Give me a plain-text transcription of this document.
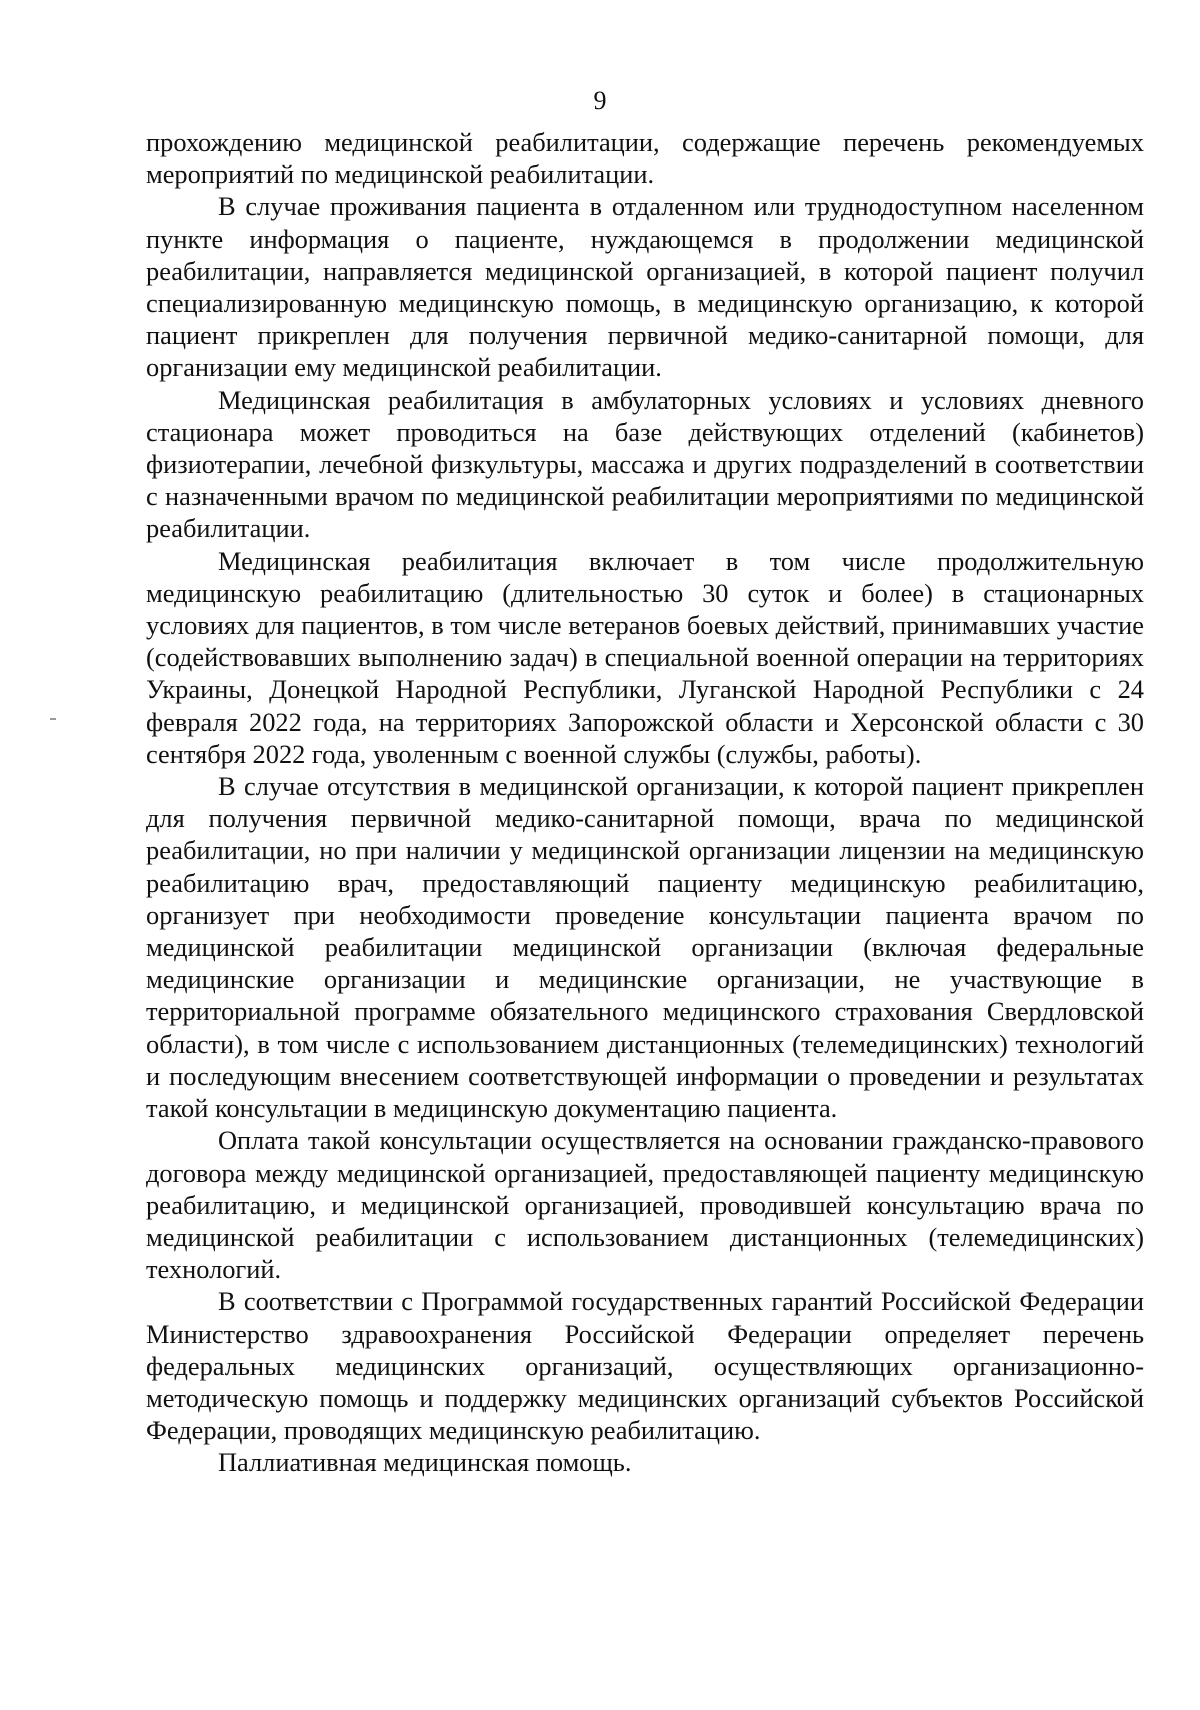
9

прохождению медицинской реабилитации, содержащие перечень рекомендуемых мероприятий по медицинской реабилитации.

В случае проживания пациента в отдаленном или труднодоступном населенном пункте информация о пациенте, нуждающемся в продолжении медицинской реабилитации, направляется медицинской организацией, в которой пациент получил специализированную медицинскую помощь, в медицинскую организацию, к которой пациент прикреплен для получения первичной медико-санитарной помощи, для организации ему медицинской реабилитации.

Медицинская реабилитация в амбулаторных условиях и условиях дневного стационара может проводиться на базе действующих отделений (кабинетов) физиотерапии, лечебной физкультуры, массажа и других подразделений в соответствии с назначенными врачом по медицинской реабилитации мероприятиями по медицинской реабилитации.

Медицинская реабилитация включает в том числе продолжительную медицинскую реабилитацию (длительностью 30 суток и более) в стационарных условиях для пациентов, в том числе ветеранов боевых действий, принимавших участие (содействовавших выполнению задач) в специальной военной операции на территориях Украины, Донецкой Народной Республики, Луганской Народной Республики с 24 февраля 2022 года, на территориях Запорожской области и Херсонской области с 30 сентября 2022 года, уволенным с военной службы (службы, работы).

В случае отсутствия в медицинской организации, к которой пациент прикреплен для получения первичной медико-санитарной помощи, врача по медицинской реабилитации, но при наличии у медицинской организации лицензии на медицинскую реабилитацию врач, предоставляющий пациенту медицинскую реабилитацию, организует при необходимости проведение консультации пациента врачом по медицинской реабилитации медицинской организации (включая федеральные медицинские организации и медицинские организации, не участвующие в территориальной программе обязательного медицинского страхования Свердловской области), в том числе с использованием дистанционных (телемедицинских) технологий и последующим внесением соответствующей информации о проведении и результатах такой консультации в медицинскую документацию пациента.

Оплата такой консультации осуществляется на основании гражданско-правового договора между медицинской организацией, предоставляющей пациенту медицинскую реабилитацию, и медицинской организацией, проводившей консультацию врача по медицинской реабилитации с использованием дистанционных (телемедицинских) технологий.

В соответствии с Программой государственных гарантий Российской Федерации Министерство здравоохранения Российской Федерации определяет перечень федеральных медицинских организаций, осуществляющих организационно-методическую помощь и поддержку медицинских организаций субъектов Российской Федерации, проводящих медицинскую реабилитацию.

Паллиативная медицинская помощь.
